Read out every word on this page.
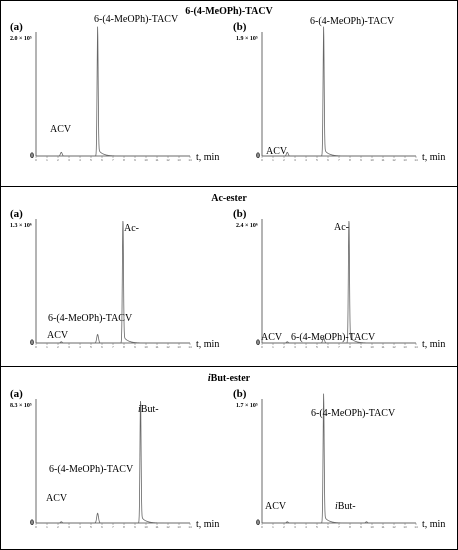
6-(4-MeOPh)-TACV
(a)
2.0 × 10⁵
0 0	1	2	3	4	5	6	7	8	9	10	11	12	13	14 t, min
ACV
6-(4-MeOPh)-TACV
(b)
1.9 × 10⁵
0 0	1	2	3	4	5	6	7	8	9	10	11	12	13	14 t, min
ACV
6-(4-MeOPh)-TACV
Ac-ester
(a)
1.3 × 10⁶
0 0	1	2	3	4	5	6	7	8	9	10	11	12	13	14 t, min
ACV
6-(4-MeOPh)-TACV
Ac-
(b)
2.4 × 10⁶
0 0	1	2	3	4	5	6	7	8	9	10	11	12	13	14 t, min
ACV 6-(4-MeOPh)-TACV
Ac-
iBut-ester
(a)
8.3 × 10⁵
0 0	1	2	3	4	5	6	7	8	9	10	11	12	13	14 t, min
ACV
6-(4-MeOPh)-TACV
iBut-
(b)
1.7 × 10⁵
0 0	1	2	3	4	5	6	7	8	9	10	11	12	13	14 t, min
ACV
6-(4-MeOPh)-TACV
iBut-
